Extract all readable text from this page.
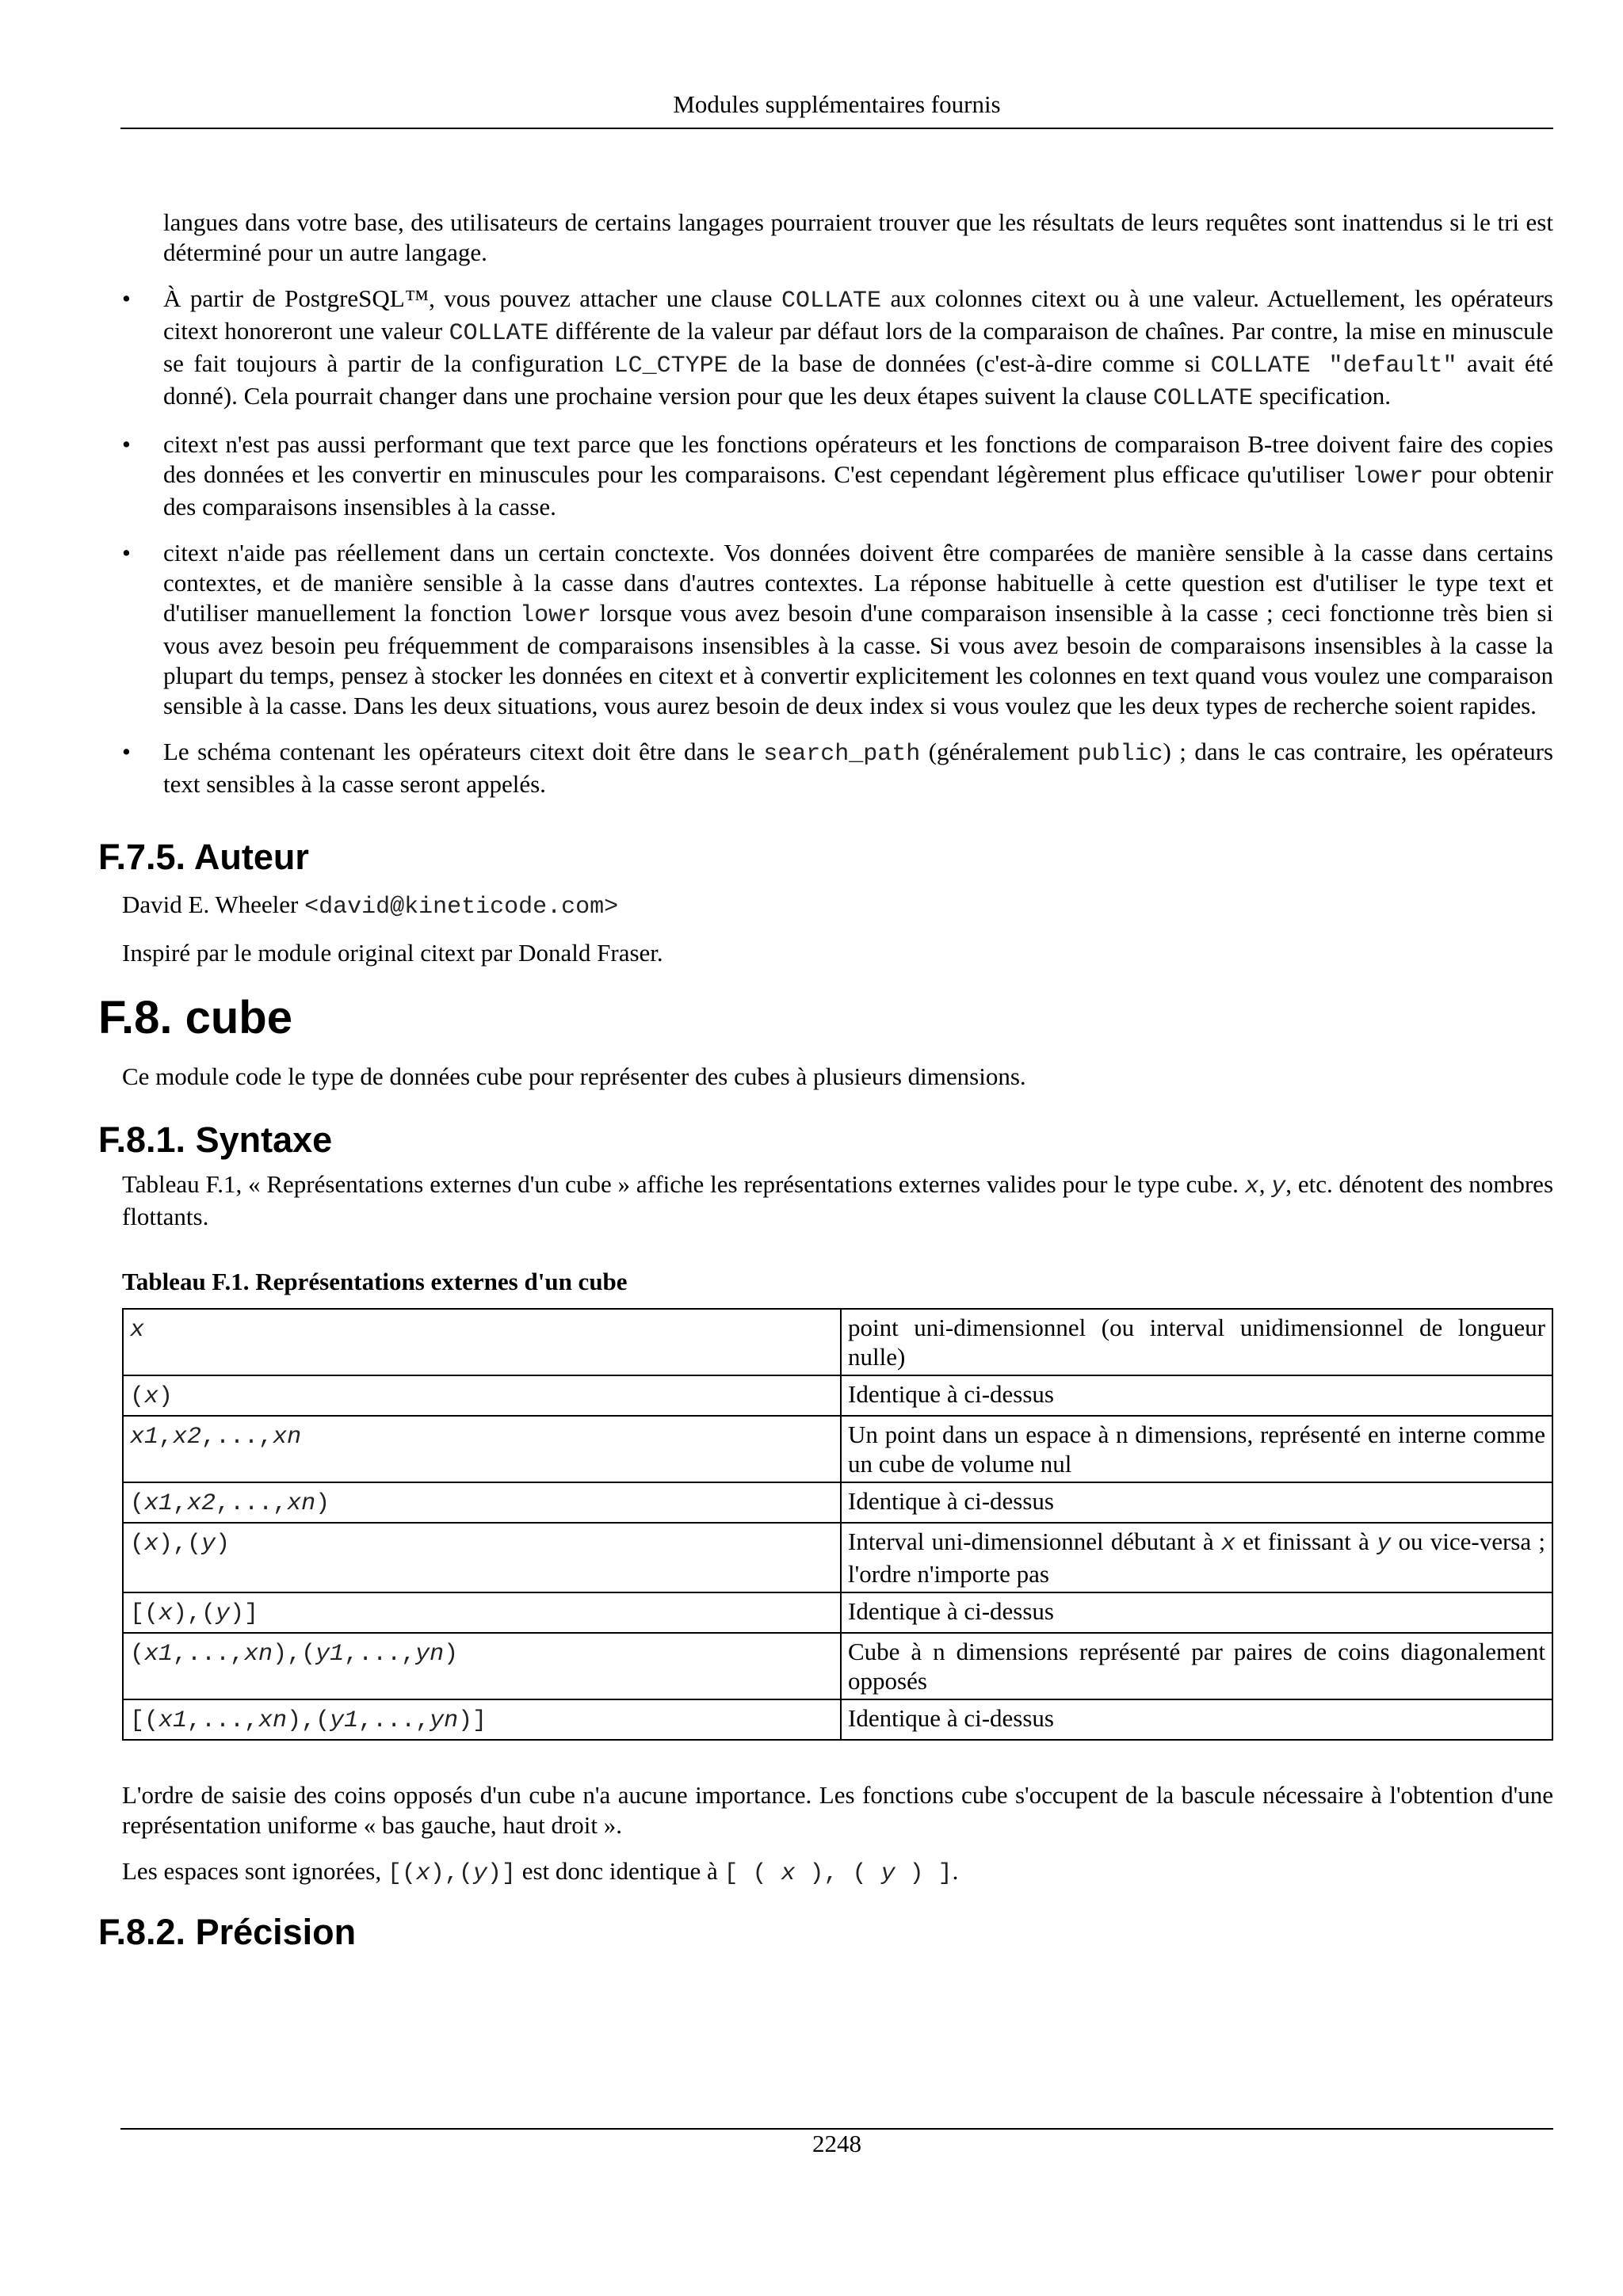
Modules supplémentaires fournis

langues dans votre base, des utilisateurs de certains langages pourraient trouver que les résultats de leurs requêtes sont inattendus si le tri est déterminé pour un autre langage.

• À partir de PostgreSQL™, vous pouvez attacher une clause COLLATE aux colonnes citext ou à une valeur. Actuellement, les opérateurs citext honoreront une valeur COLLATE différente de la valeur par défaut lors de la comparaison de chaînes. Par contre, la mise en minuscule se fait toujours à partir de la configuration LC_CTYPE de la base de données (c'est-à-dire comme si COLLATE "default" avait été donné). Cela pourrait changer dans une prochaine version pour que les deux étapes suivent la clause COLLATE specification.
• citext n'est pas aussi performant que text parce que les fonctions opérateurs et les fonctions de comparaison B-tree doivent faire des copies des données et les convertir en minuscules pour les comparaisons. C'est cependant légèrement plus efficace qu'utiliser lower pour obtenir des comparaisons insensibles à la casse.
• citext n'aide pas réellement dans un certain conctexte. Vos données doivent être comparées de manière sensible à la casse dans certains contextes, et de manière sensible à la casse dans d'autres contextes. La réponse habituelle à cette question est d'utiliser le type text et d'utiliser manuellement la fonction lower lorsque vous avez besoin d'une comparaison insensible à la casse ; ceci fonctionne très bien si vous avez besoin peu fréquemment de comparaisons insensibles à la casse. Si vous avez besoin de comparaisons insensibles à la casse la plupart du temps, pensez à stocker les données en citext et à convertir explicitement les colonnes en text quand vous voulez une comparaison sensible à la casse. Dans les deux situations, vous aurez besoin de deux index si vous voulez que les deux types de recherche soient rapides.
• Le schéma contenant les opérateurs citext doit être dans le search_path (généralement public) ; dans le cas contraire, les opérateurs text sensibles à la casse seront appelés.
F.7.5. Auteur

David E. Wheeler <david@kineticode.com>

Inspiré par le module original citext par Donald Fraser.

F.8. cube

Ce module code le type de données cube pour représenter des cubes à plusieurs dimensions.

F.8.1. Syntaxe

Tableau F.1, « Représentations externes d'un cube » affiche les représentations externes valides pour le type cube. x, y, etc. dénotent des nombres flottants.

Tableau F.1. Représentations externes d'un cube
x	point uni-dimensionnel (ou interval unidimensionnel de longueur nulle)
(x)	Identique à ci-dessus
x1,x2,...,xn	Un point dans un espace à n dimensions, représenté en interne comme un cube de volume nul
(x1,x2,...,xn)	Identique à ci-dessus
(x),(y)	Interval uni-dimensionnel débutant à x et finissant à y ou vice-versa ; l'ordre n'importe pas
[(x),(y)]	Identique à ci-dessus
(x1,...,xn),(y1,...,yn)	Cube à n dimensions représenté par paires de coins diagonalement opposés
[(x1,...,xn),(y1,...,yn)]	Identique à ci-dessus

L'ordre de saisie des coins opposés d'un cube n'a aucune importance. Les fonctions cube s'occupent de la bascule nécessaire à l'obtention d'une représentation uniforme « bas gauche, haut droit ».

Les espaces sont ignorées, [(x),(y)] est donc identique à [ ( x ), ( y ) ].

F.8.2. Précision
2248
